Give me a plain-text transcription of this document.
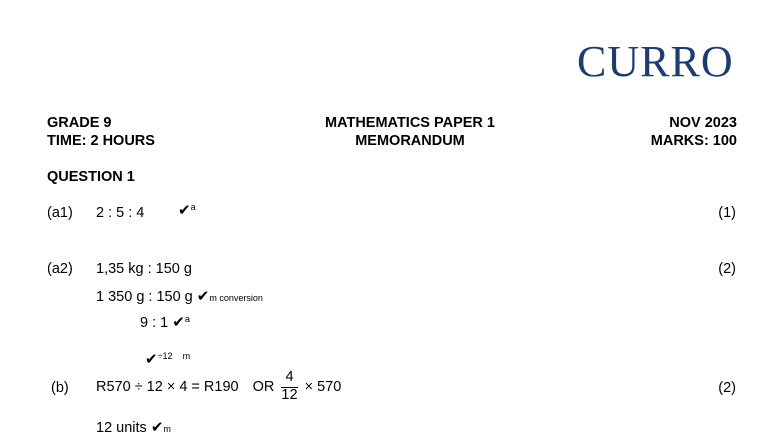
CURRO
GRADE 9
TIME: 2 HOURS
MATHEMATICS PAPER 1
MEMORANDUM
NOV 2023
MARKS: 100
QUESTION 1
(a1) 2 : 5 : 4 ✔$^a$	(1)
(a2) 1,35 kg : 150 g	(2)
1 350 g : 150 g ✔m conversion
9 : 1 ✔$^a$
✔$^{\div 12}$ $^m$
(b) R570 ÷ 12 × 4 = R190 OR $\frac{4}{12} \times 570$	(2)
12 units ✔m
